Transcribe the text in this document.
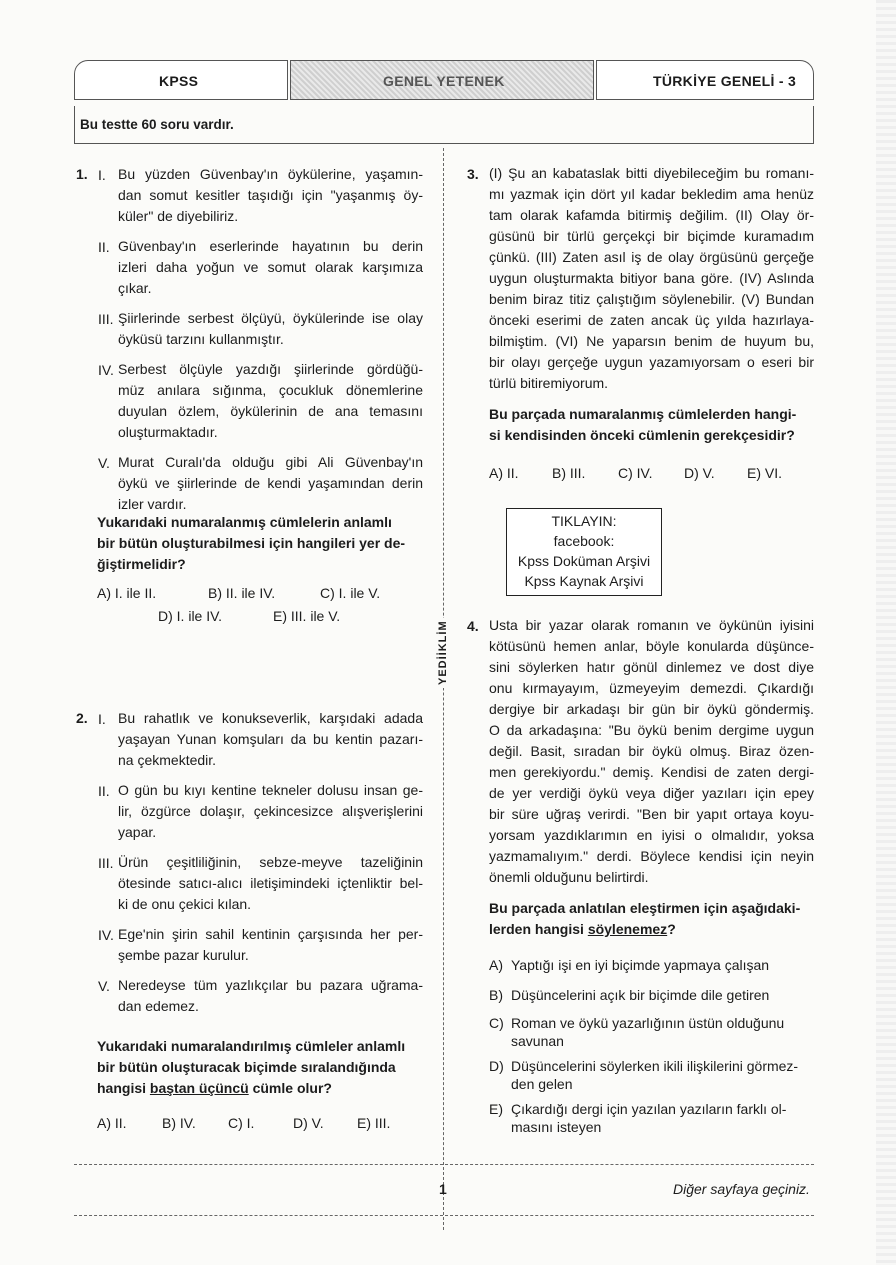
KPSS	GENEL YETENEK	TÜRKİYE GENELİ - 3
Bu testte 60 soru vardır.
YEDİİKLİM
1. I. Bu yüzden Güvenbay'ın öykülerine, yaşamın-
dan somut kesitler taşıdığı için "yaşanmış öy-
küler" de diyebiliriz.
II. Güvenbay'ın eserlerinde hayatının bu derin
izleri daha yoğun ve somut olarak karşımıza
çıkar.
III. Şiirlerinde serbest ölçüyü, öykülerinde ise olay
öyküsü tarzını kullanmıştır.
IV. Serbest ölçüyle yazdığı şiirlerinde gördüğü-
müz anılara sığınma, çocukluk dönemlerine
duyulan özlem, öykülerinin de ana temasını
oluşturmaktadır.
V. Murat Curalı'da olduğu gibi Ali Güvenbay'ın
öykü ve şiirlerinde de kendi yaşamından derin
izler vardır.
Yukarıdaki numaralanmış cümlelerin anlamlı
bir bütün oluşturabilmesi için hangileri yer de-
ğiştirmelidir?
A) I. ile II.	B) II. ile IV.	C) I. ile V.
D) I. ile IV.	E) III. ile V.
2. I. Bu rahatlık ve konukseverlik, karşıdaki adada
yaşayan Yunan komşuları da bu kentin pazarı-
na çekmektedir.
II. O gün bu kıyı kentine tekneler dolusu insan ge-
lir, özgürce dolaşır, çekincesizce alışverişlerini
yapar.
III. Ürün çeşitliliğinin, sebze-meyve tazeliğinin
ötesinde satıcı-alıcı iletişimindeki içtenliktir bel-
ki de onu çekici kılan.
IV. Ege'nin şirin sahil kentinin çarşısında her per-
şembe pazar kurulur.
V. Neredeyse tüm yazlıkçılar bu pazara uğrama-
dan edemez.
Yukarıdaki numaralandırılmış cümleler anlamlı
bir bütün oluşturacak biçimde sıralandığında
hangisi baştan üçüncü cümle olur?
A) II.	B) IV. C) I.	D) V. E) III.
3. (I) Şu an kabataslak bitti diyebileceğim bu romanı-
mı yazmak için dört yıl kadar bekledim ama henüz
tam olarak kafamda bitirmiş değilim. (II) Olay ör-
güsünü bir türlü gerçekçi bir biçimde kuramadım
çünkü. (III) Zaten asıl iş de olay örgüsünü gerçeğe
uygun oluşturmakta bitiyor bana göre. (IV) Aslında
benim biraz titiz çalıştığım söylenebilir. (V) Bundan
önceki eserimi de zaten ancak üç yılda hazırlaya-
bilmiştim. (VI) Ne yaparsın benim de huyum bu,
bir olayı gerçeğe uygun yazamıyorsam o eseri bir
türlü bitiremiyorum.
Bu parçada numaralanmış cümlelerden hangi-
si kendisinden önceki cümlenin gerekçesidir?
A) II. B) III. C) IV. D) V. E) VI.
TIKLAYIN:
facebook:
Kpss Doküman Arşivi
Kpss Kaynak Arşivi
4. Usta bir yazar olarak romanın ve öykünün iyisini
kötüsünü hemen anlar, böyle konularda düşünce-
sini söylerken hatır gönül dinlemez ve dost diye
onu kırmayayım, üzmeyeyim demezdi. Çıkardığı
dergiye bir arkadaşı bir gün bir öykü göndermiş.
O da arkadaşına: "Bu öykü benim dergime uygun
değil. Basit, sıradan bir öykü olmuş. Biraz özen-
men gerekiyordu." demiş. Kendisi de zaten dergi-
de yer verdiği öykü veya diğer yazıları için epey
bir süre uğraş verirdi. "Ben bir yapıt ortaya koyu-
yorsam yazdıklarımın en iyisi o olmalıdır, yoksa
yazmamalıyım." derdi. Böylece kendisi için neyin
önemli olduğunu belirtirdi.
Bu parçada anlatılan eleştirmen için aşağıdaki-
lerden hangisi söylenemez?
A) Yaptığı işi en iyi biçimde yapmaya çalışan
B) Düşüncelerini açık bir biçimde dile getiren
C) Roman ve öykü yazarlığının üstün olduğunu
savunan
D) Düşüncelerini söylerken ikili ilişkilerini görmez-
den gelen
E) Çıkardığı dergi için yazılan yazıların farklı ol-
masını isteyen
1	Diğer sayfaya geçiniz.
